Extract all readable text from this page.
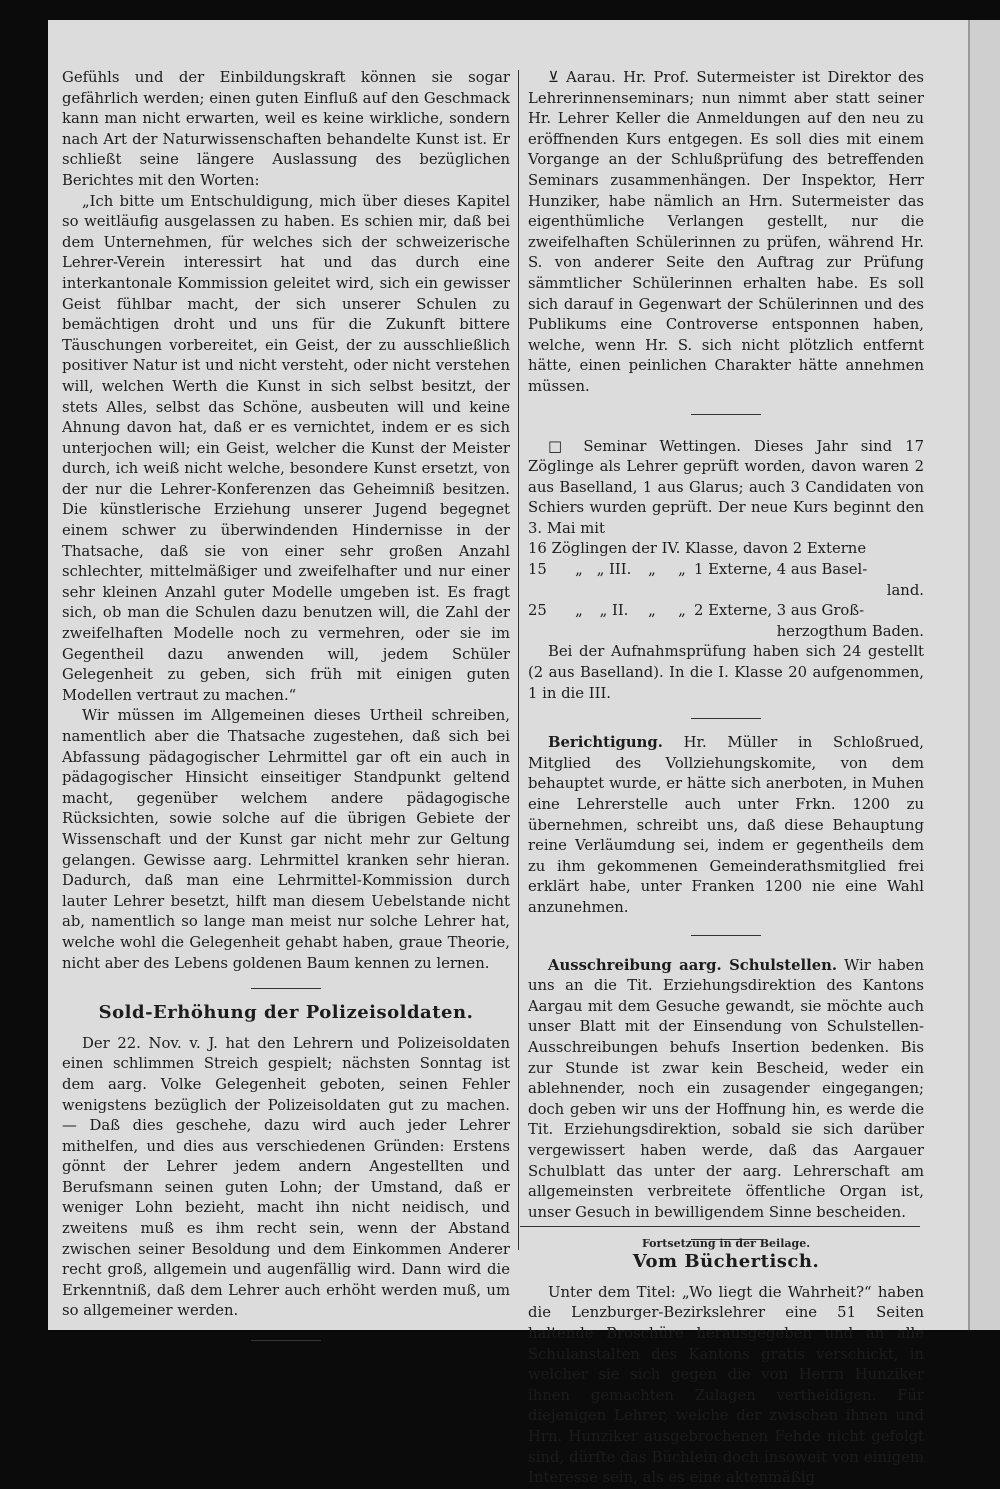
Gefühls und der Einbildungskraft können sie sogar gefährlich werden; einen guten Einfluß auf den Geschmack kann man nicht erwarten, weil es keine wirkliche, sondern nach Art der Naturwissenschaften behandelte Kunst ist. Er schließt seine längere Auslassung des bezüglichen Berichtes mit den Worten:

„Ich bitte um Entschuldigung, mich über dieses Kapitel so weitläufig ausgelassen zu haben. Es schien mir, daß bei dem Unternehmen, für welches sich der schweizerische Lehrer-Verein interessirt hat und das durch eine interkantonale Kommission geleitet wird, sich ein gewisser Geist fühlbar macht, der sich unserer Schulen zu bemächtigen droht und uns für die Zukunft bittere Täuschungen vorbereitet, ein Geist, der zu ausschließlich positiver Natur ist und nicht versteht, oder nicht verstehen will, welchen Werth die Kunst in sich selbst besitzt, der stets Alles, selbst das Schöne, ausbeuten will und keine Ahnung davon hat, daß er es vernichtet, indem er es sich unterjochen will; ein Geist, welcher die Kunst der Meister durch, ich weiß nicht welche, besondere Kunst ersetzt, von der nur die Lehrer-Konferenzen das Geheimniß besitzen. Die künstlerische Erziehung unserer Jugend begegnet einem schwer zu überwindenden Hindernisse in der Thatsache, daß sie von einer sehr großen Anzahl schlechter, mittelmäßiger und zweifelhafter und nur einer sehr kleinen Anzahl guter Modelle umgeben ist. Es fragt sich, ob man die Schulen dazu benutzen will, die Zahl der zweifelhaften Modelle noch zu vermehren, oder sie im Gegentheil dazu anwenden will, jedem Schüler Gelegenheit zu geben, sich früh mit einigen guten Modellen vertraut zu machen.“

Wir müssen im Allgemeinen dieses Urtheil schreiben, namentlich aber die Thatsache zugestehen, daß sich bei Abfassung pädagogischer Lehrmittel gar oft ein auch in pädagogischer Hinsicht einseitiger Standpunkt geltend macht, gegenüber welchem andere pädagogische Rücksichten, sowie solche auf die übrigen Gebiete der Wissenschaft und der Kunst gar nicht mehr zur Geltung gelangen. Gewisse aarg. Lehrmittel kranken sehr hieran. Dadurch, daß man eine Lehrmittel-Kommission durch lauter Lehrer besetzt, hilft man diesem Uebelstande nicht ab, namentlich so lange man meist nur solche Lehrer hat, welche wohl die Gelegenheit gehabt haben, graue Theorie, nicht aber des Lebens goldenen Baum kennen zu lernen.

Sold-Erhöhung der Polizeisoldaten.

Der 22. Nov. v. J. hat den Lehrern und Polizeisoldaten einen schlimmen Streich gespielt; nächsten Sonntag ist dem aarg. Volke Gelegenheit geboten, seinen Fehler wenigstens bezüglich der Polizeisoldaten gut zu machen. — Daß dies geschehe, dazu wird auch jeder Lehrer mithelfen, und dies aus verschiedenen Gründen: Erstens gönnt der Lehrer jedem andern Angestellten und Berufsmann seinen guten Lohn; der Umstand, daß er weniger Lohn bezieht, macht ihn nicht neidisch, und zweitens muß es ihm recht sein, wenn der Abstand zwischen seiner Besoldung und dem Einkommen Anderer recht groß, allgemein und augenfällig wird. Dann wird die Erkenntniß, daß dem Lehrer auch erhöht werden muß, um so allgemeiner werden.

⊻ Aarau. Hr. Prof. Sutermeister ist Direktor des Lehrerinnenseminars; nun nimmt aber statt seiner Hr. Lehrer Keller die Anmeldungen auf den neu zu eröffnenden Kurs entgegen. Es soll dies mit einem Vorgange an der Schlußprüfung des betreffenden Seminars zusammenhängen. Der Inspektor, Herr Hunziker, habe nämlich an Hrn. Sutermeister das eigenthümliche Verlangen gestellt, nur die zweifelhaften Schülerinnen zu prüfen, während Hr. S. von anderer Seite den Auftrag zur Prüfung sämmtlicher Schülerinnen erhalten habe. Es soll sich darauf in Gegenwart der Schülerinnen und des Publikums eine Controverse entsponnen haben, welche, wenn Hr. S. sich nicht plötzlich entfernt hätte, einen peinlichen Charakter hätte annehmen müssen.

□ Seminar Wettingen. Dieses Jahr sind 17 Zöglinge als Lehrer geprüft worden, davon waren 2 aus Baselland, 1 aus Glarus; auch 3 Candidaten von Schiers wurden geprüft. Der neue Kurs beginnt den 3. Mai mit

16 Zöglingen der IV. Klasse, davon 2 Externe

15	„ „ III.	„	„ 1 Externe, 4 aus Basel-

land.

25	„	„ II.	„	„ 2 Externe, 3 aus Groß-

herzogthum Baden.

Bei der Aufnahmsprüfung haben sich 24 gestellt (2 aus Baselland). In die I. Klasse 20 aufgenommen, 1 in die III.

Berichtigung. Hr. Müller in Schloßrued, Mitglied des Vollziehungskomite, von dem behauptet wurde, er hätte sich anerboten, in Muhen eine Lehrerstelle auch unter Frkn. 1200 zu übernehmen, schreibt uns, daß diese Behauptung reine Verläumdung sei, indem er gegentheils dem zu ihm gekommenen Gemeinderathsmitglied frei erklärt habe, unter Franken 1200 nie eine Wahl anzunehmen.

Ausschreibung aarg. Schulstellen. Wir haben uns an die Tit. Erziehungsdirektion des Kantons Aargau mit dem Gesuche gewandt, sie möchte auch unser Blatt mit der Einsendung von Schulstellen-Ausschreibungen behufs Insertion bedenken. Bis zur Stunde ist zwar kein Bescheid, weder ein ablehnender, noch ein zusagender eingegangen; doch geben wir uns der Hoffnung hin, es werde die Tit. Erziehungsdirektion, sobald sie sich darüber vergewissert haben werde, daß das Aargauer Schulblatt das unter der aarg. Lehrerschaft am allgemeinsten verbreitete öffentliche Organ ist, unser Gesuch in bewilligendem Sinne bescheiden.

Vom Büchertisch.

Unter dem Titel: „Wo liegt die Wahrheit?“ haben die Lenzburger-Bezirkslehrer eine 51 Seiten haltende Broschüre herausgegeben und an alle Schulanstalten des Kantons gratis verschickt, in welcher sie sich gegen die von Herrn Hunziker ihnen gemachten Zulagen vertheidigen. Für diejenigen Lehrer, welche der zwischen ihnen und Hrn. Hunziker ausgebrochenen Fehde nicht gefolgt sind, dürfte das Büchlein doch insoweit von einigem Interesse sein, als es eine aktenmäßig

Fortsetzung in der Beilage.
